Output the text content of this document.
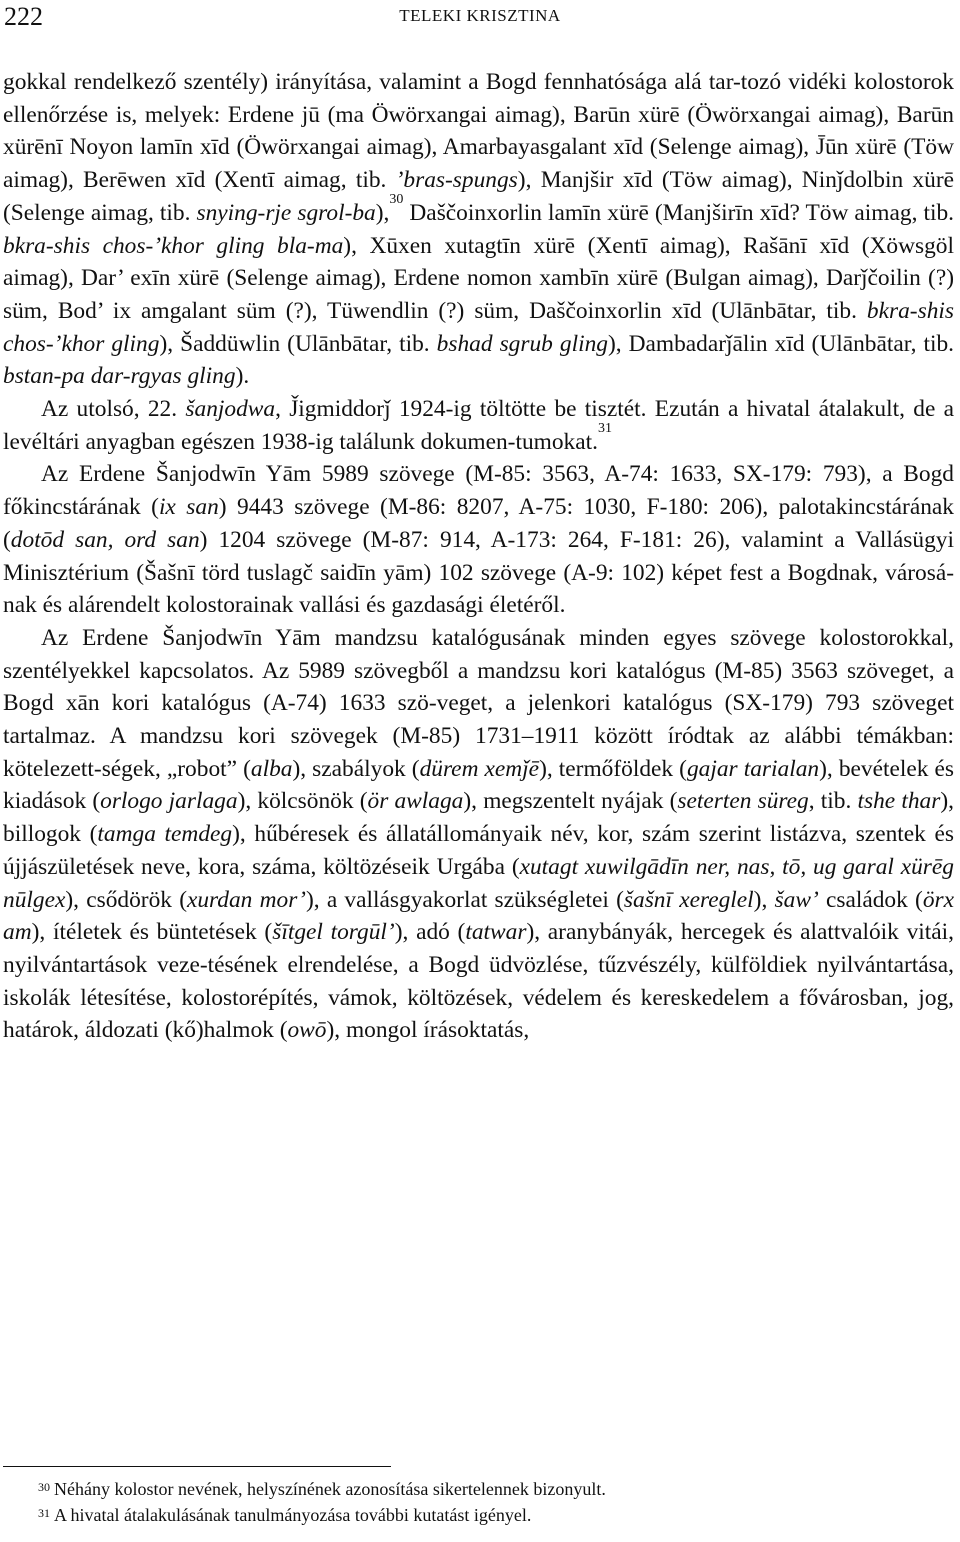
222	TELEKI KRISZTINA

gokkal rendelkező szentély) irányítása, valamint a Bogd fennhatósága alá tar-tozó vidéki kolostorok ellenőrzése is, melyek: Erdene jū (ma Öwörxangai aimag), Barūn xürē (Öwörxangai aimag), Barūn xürēnī Noyon lamīn xīd (Öwörxangai aimag), Amarbayasgalant xīd (Selenge aimag), J̄ūn xürē (Töw aimag), Berēwen xīd (Xentī aimag, tib. ʼbras-spungs), Manjšir xīd (Töw aimag), Ninǰdolbin xürē (Selenge aimag, tib. snying-rje sgrol-ba),$^{30}$ Daščoinxorlin lamīn xürē (Manjširīn xīd? Töw aimag, tib. bkra-shis chos-ʼkhor gling bla-ma), Xūxen xutagtīn xürē (Xentī aimag), Rašānī xīd (Xöwsgöl aimag), Dar’ exīn xürē (Selenge aimag), Erdene nomon xambīn xürē (Bulgan aimag), Darǰčoilin (?) süm, Bod’ ix amgalant süm (?), Tüwendlin (?) süm, Daščoinxorlin xīd (Ulānbātar, tib. bkra-shis chos-ʼkhor gling), Šaddüwlin (Ulānbātar, tib. bshad sgrub gling), Dambadarǰālin xīd (Ulānbātar, tib. bstan-pa dar-rgyas gling).

Az utolsó, 22. šanjodwa, J̌igmiddorǰ 1924-ig töltötte be tisztét. Ezután a hivatal átalakult, de a levéltári anyagban egészen 1938-ig találunk dokumen-tumokat.$^{31}$

Az Erdene Šanjodwīn Yām 5989 szövege (M-85: 3563, A-74: 1633, SX-179: 793), a Bogd főkincstárának (ix san) 9443 szövege (M-86: 8207, A-75: 1030, F-180: 206), palotakincstárának (dotōd san, ord san) 1204 szövege (M-87: 914, A-173: 264, F-181: 26), valamint a Vallásügyi Minisztérium (Šašnī törd tuslagč saidīn yām) 102 szövege (A-9: 102) képet fest a Bogdnak, városá-nak és alárendelt kolostorainak vallási és gazdasági életéről.

Az Erdene Šanjodwīn Yām mandzsu katalógusának minden egyes szövege kolostorokkal, szentélyekkel kapcsolatos. Az 5989 szövegből a mandzsu kori katalógus (M-85) 3563 szöveget, a Bogd xān kori katalógus (A-74) 1633 szö-veget, a jelenkori katalógus (SX-179) 793 szöveget tartalmaz. A mandzsu kori szövegek (M-85) 1731–1911 között íródtak az alábbi témákban: kötelezett-ségek, „robot” (alba), szabályok (dürem xemǰē), termőföldek (gajar tarialan), bevételek és kiadások (orlogo jarlaga), kölcsönök (ör awlaga), megszentelt nyájak (seterten süreg, tib. tshe thar), billogok (tamga temdeg), hűbéresek és állatállományaik név, kor, szám szerint listázva, szentek és újjászületések neve, kora, száma, költözéseik Urgába (xutagt xuwilgādīn ner, nas, tō, ug garal xürēg nūlgex), csődörök (xurdan mor’), a vallásgyakorlat szükségletei (šašnī xereglel), šaw’ családok (örx am), ítéletek és büntetések (šītgel torgūl’), adó (tatwar), aranybányák, hercegek és alattvalóik vitái, nyilvántartások veze-tésének elrendelése, a Bogd üdvözlése, tűzvészély, külföldiek nyilvántartása, iskolák létesítése, kolostorépítés, vámok, költözések, védelem és kereskedelem a fővárosban, jog, határok, áldozati (kő)halmok (owō), mongol írásoktatás,

$^{30}$ Néhány kolostor nevének, helyszínének azonosítása sikertelennek bizonyult.
$^{31}$ A hivatal átalakulásának tanulmányozása további kutatást igényel.
